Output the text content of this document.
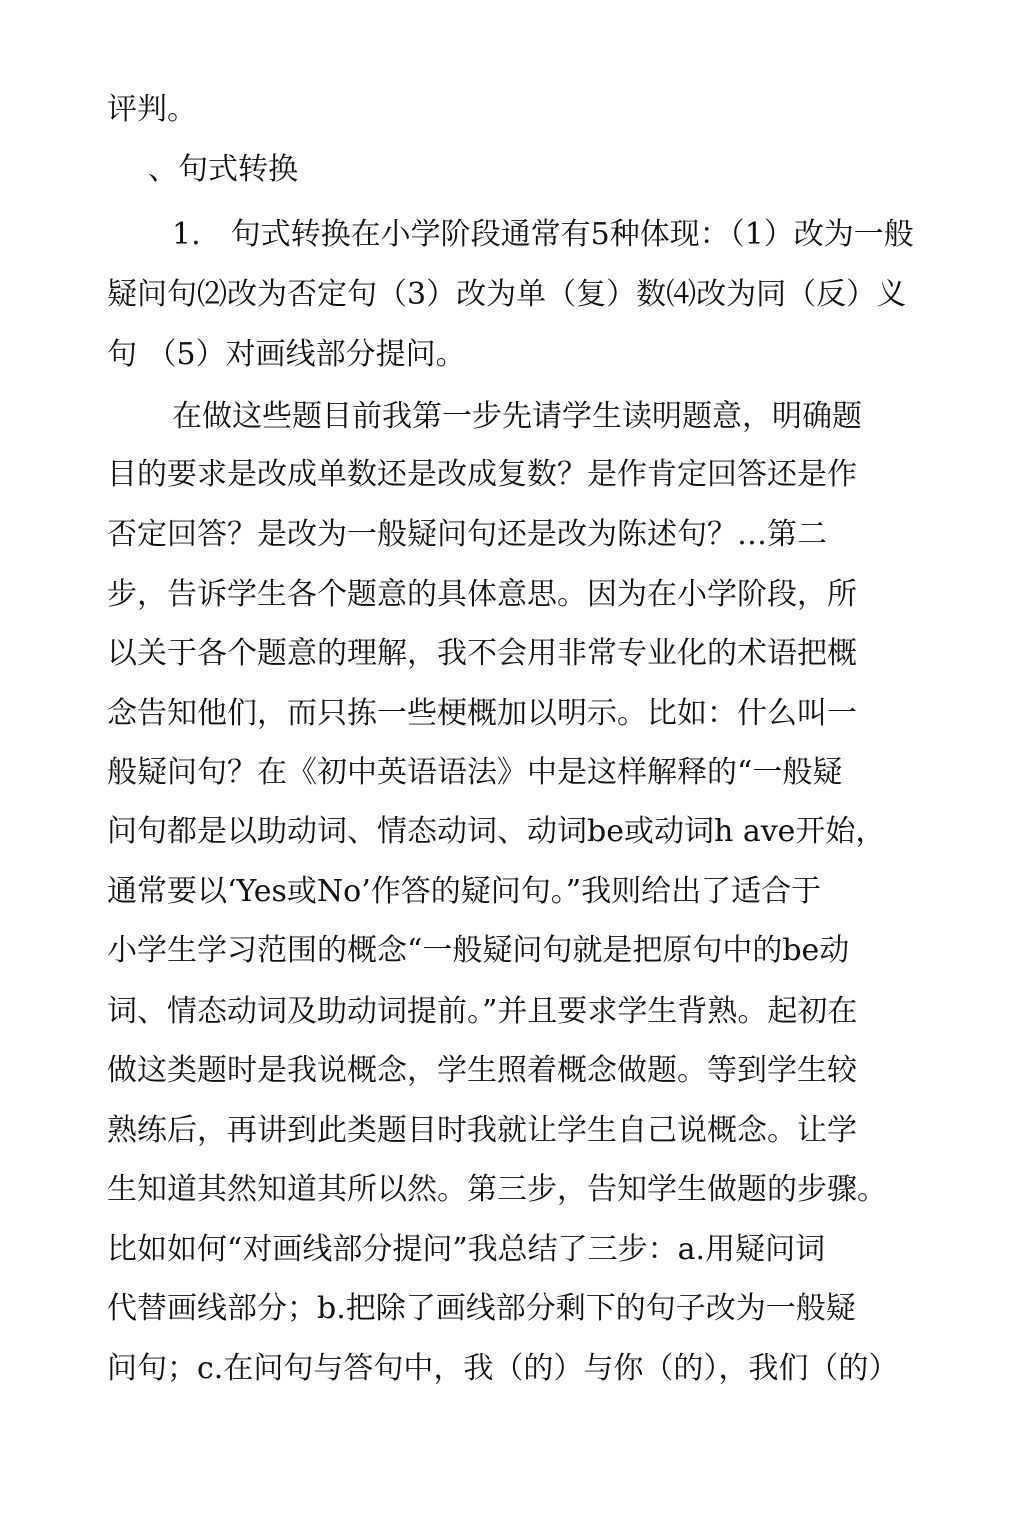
评判。
、句式转换
1.　句式转换在小学阶段通常有5种体现：（1）改为一般
疑问句⑵改为否定句（3）改为单（复）数⑷改为同（反）义
句 （5）对画线部分提问。
在做这些题目前我第一步先请学生读明题意，明确题
目的要求是改成单数还是改成复数？是作肯定回答还是作
否定回答？是改为一般疑问句还是改为陈述句？…第二
步，告诉学生各个题意的具体意思。因为在小学阶段，所
以关于各个题意的理解，我不会用非常专业化的术语把概
念告知他们，而只拣一些梗概加以明示。比如：什么叫一
般疑问句？在《初中英语语法》中是这样解释的“一般疑
问句都是以助动词、情态动词、动词be或动词h ave开始，
通常要以‘Yes或No’作答的疑问句。”我则给出了适合于
小学生学习范围的概念“一般疑问句就是把原句中的be动
词、情态动词及助动词提前。”并且要求学生背熟。起初在
做这类题时是我说概念，学生照着概念做题。等到学生较
熟练后，再讲到此类题目时我就让学生自己说概念。让学
生知道其然知道其所以然。第三步，告知学生做题的步骤。
比如如何“对画线部分提问”我总结了三步：a.用疑问词
代替画线部分；b.把除了画线部分剩下的句子改为一般疑
问句；c.在问句与答句中，我（的）与你（的），我们（的）
